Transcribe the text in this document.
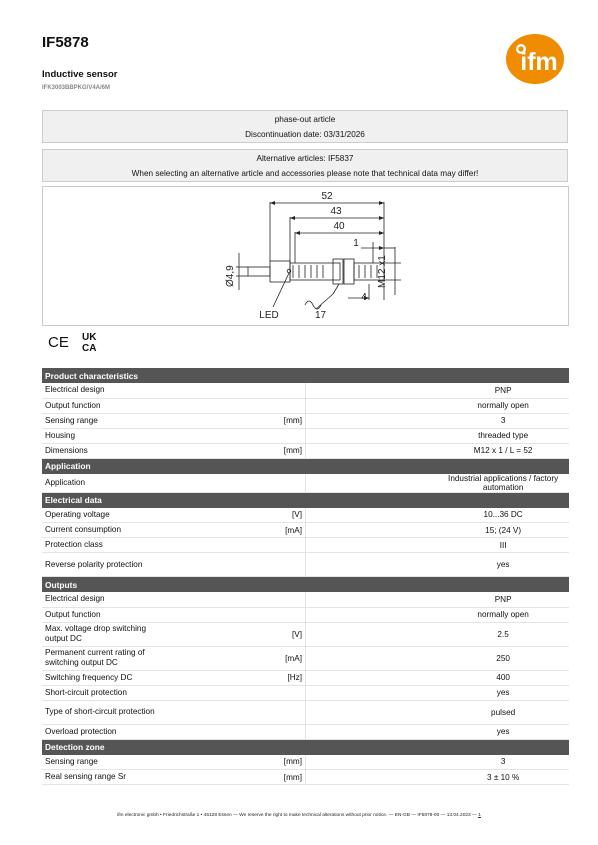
IF5878
Inductive sensor
IFK3003BBPKG/V4A/6M
ifm
phase-out article
Discontinuation date: 03/31/2026
Alternative articles: IF5837
When selecting an alternative article and accessories please note that technical data may differ!
52
43
40
1
4
LED	17
Ø4,9	M12 x1
CE UK
CA
Product characteristics			
Electrical design			PNP
Output function			normally open
Sensing range	[mm]		3
Housing			threaded type
Dimensions	[mm]		M12 x 1 / L = 52
Application			
Application			Industrial applications / factory automation
Electrical data			
Operating voltage	[V]		10...36 DC
Current consumption	[mA]		15; (24 V)
Protection class			III
Reverse polarity protection			yes
Outputs			
Electrical design			PNP
Output function			normally open
Max. voltage drop switching output DC	[V]		2.5
Permanent current rating of switching output DC	[mA]		250
Switching frequency DC	[Hz]		400
Short-circuit protection			yes
Type of short-circuit protection			pulsed
Overload protection			yes
Detection zone			
Sensing range	[mm]		3
Real sensing range Sr	[mm]		3 ± 10 %
ifm electronic gmbh • Friedrichstraße 1 • 45128 Essen — We reserve the right to make technical alterations without prior notice. — EN-GB — IF5878-00 — 13.04.2023 — 1
